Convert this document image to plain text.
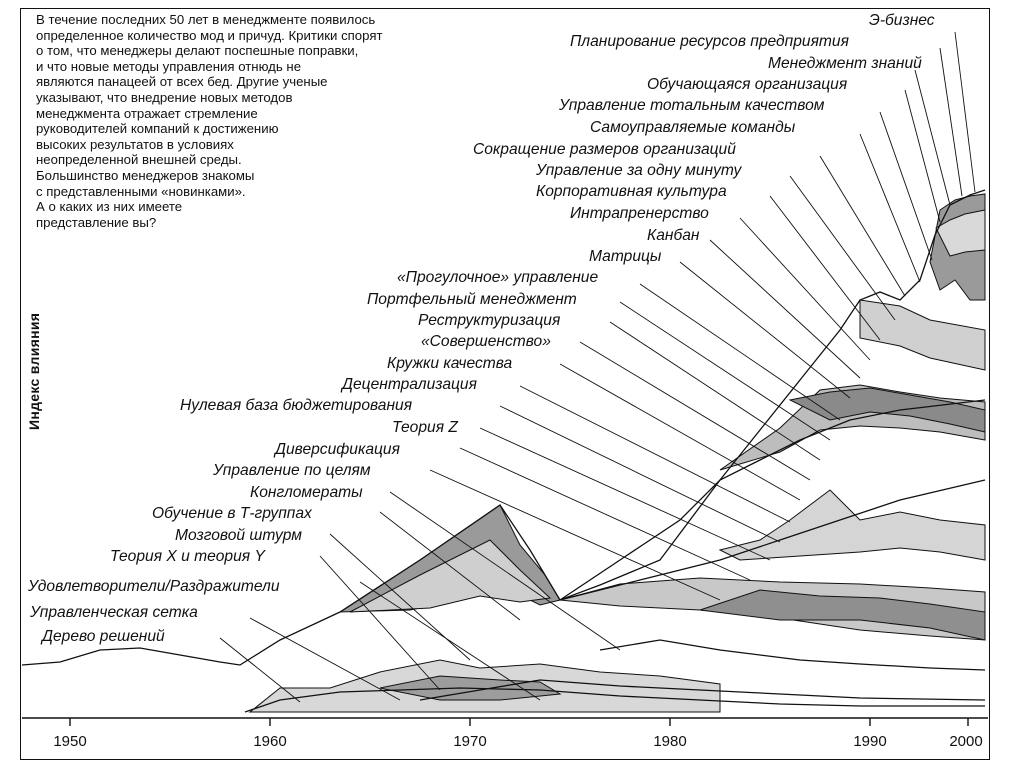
В течение последних 50 лет в менеджменте появилось
определенное количество мод и причуд. Критики спорят
о том, что менеджеры делают поспешные поправки,
и что новые методы управления отнюдь не
являются панацеей от всех бед. Другие ученые
указывают, что внедрение новых методов
менеджмента отражает стремление
руководителей компаний к достижению
высоких результатов в условиях
неопределенной внешней среды.
Большинство менеджеров знакомы
с представленными «новинками».
А о каких из них имеете
представление вы?

Индекс влияния
1950	1960	1970	1980	1990	2000
Э-бизнес
Планирование ресурсов предприятия
Менеджмент знаний
Обучающаяся организация
Управление тотальным качеством
Самоуправляемые команды
Сокращение размеров организаций
Управление за одну минуту
Корпоративная культура
Интрапренерство
Канбан
Матрицы
«Прогулочное» управление
Портфельный менеджмент
Реструктуризация
«Совершенство»
Кружки качества
Децентрализация
Нулевая база бюджетирования
Теория Z
Диверсификация
Управление по целям
Конгломераты
Обучение в Т-группах
Мозговой штурм
Теория X и теория Y
Удовлетворители/Раздражители
Управленческая сетка
Дерево решений
